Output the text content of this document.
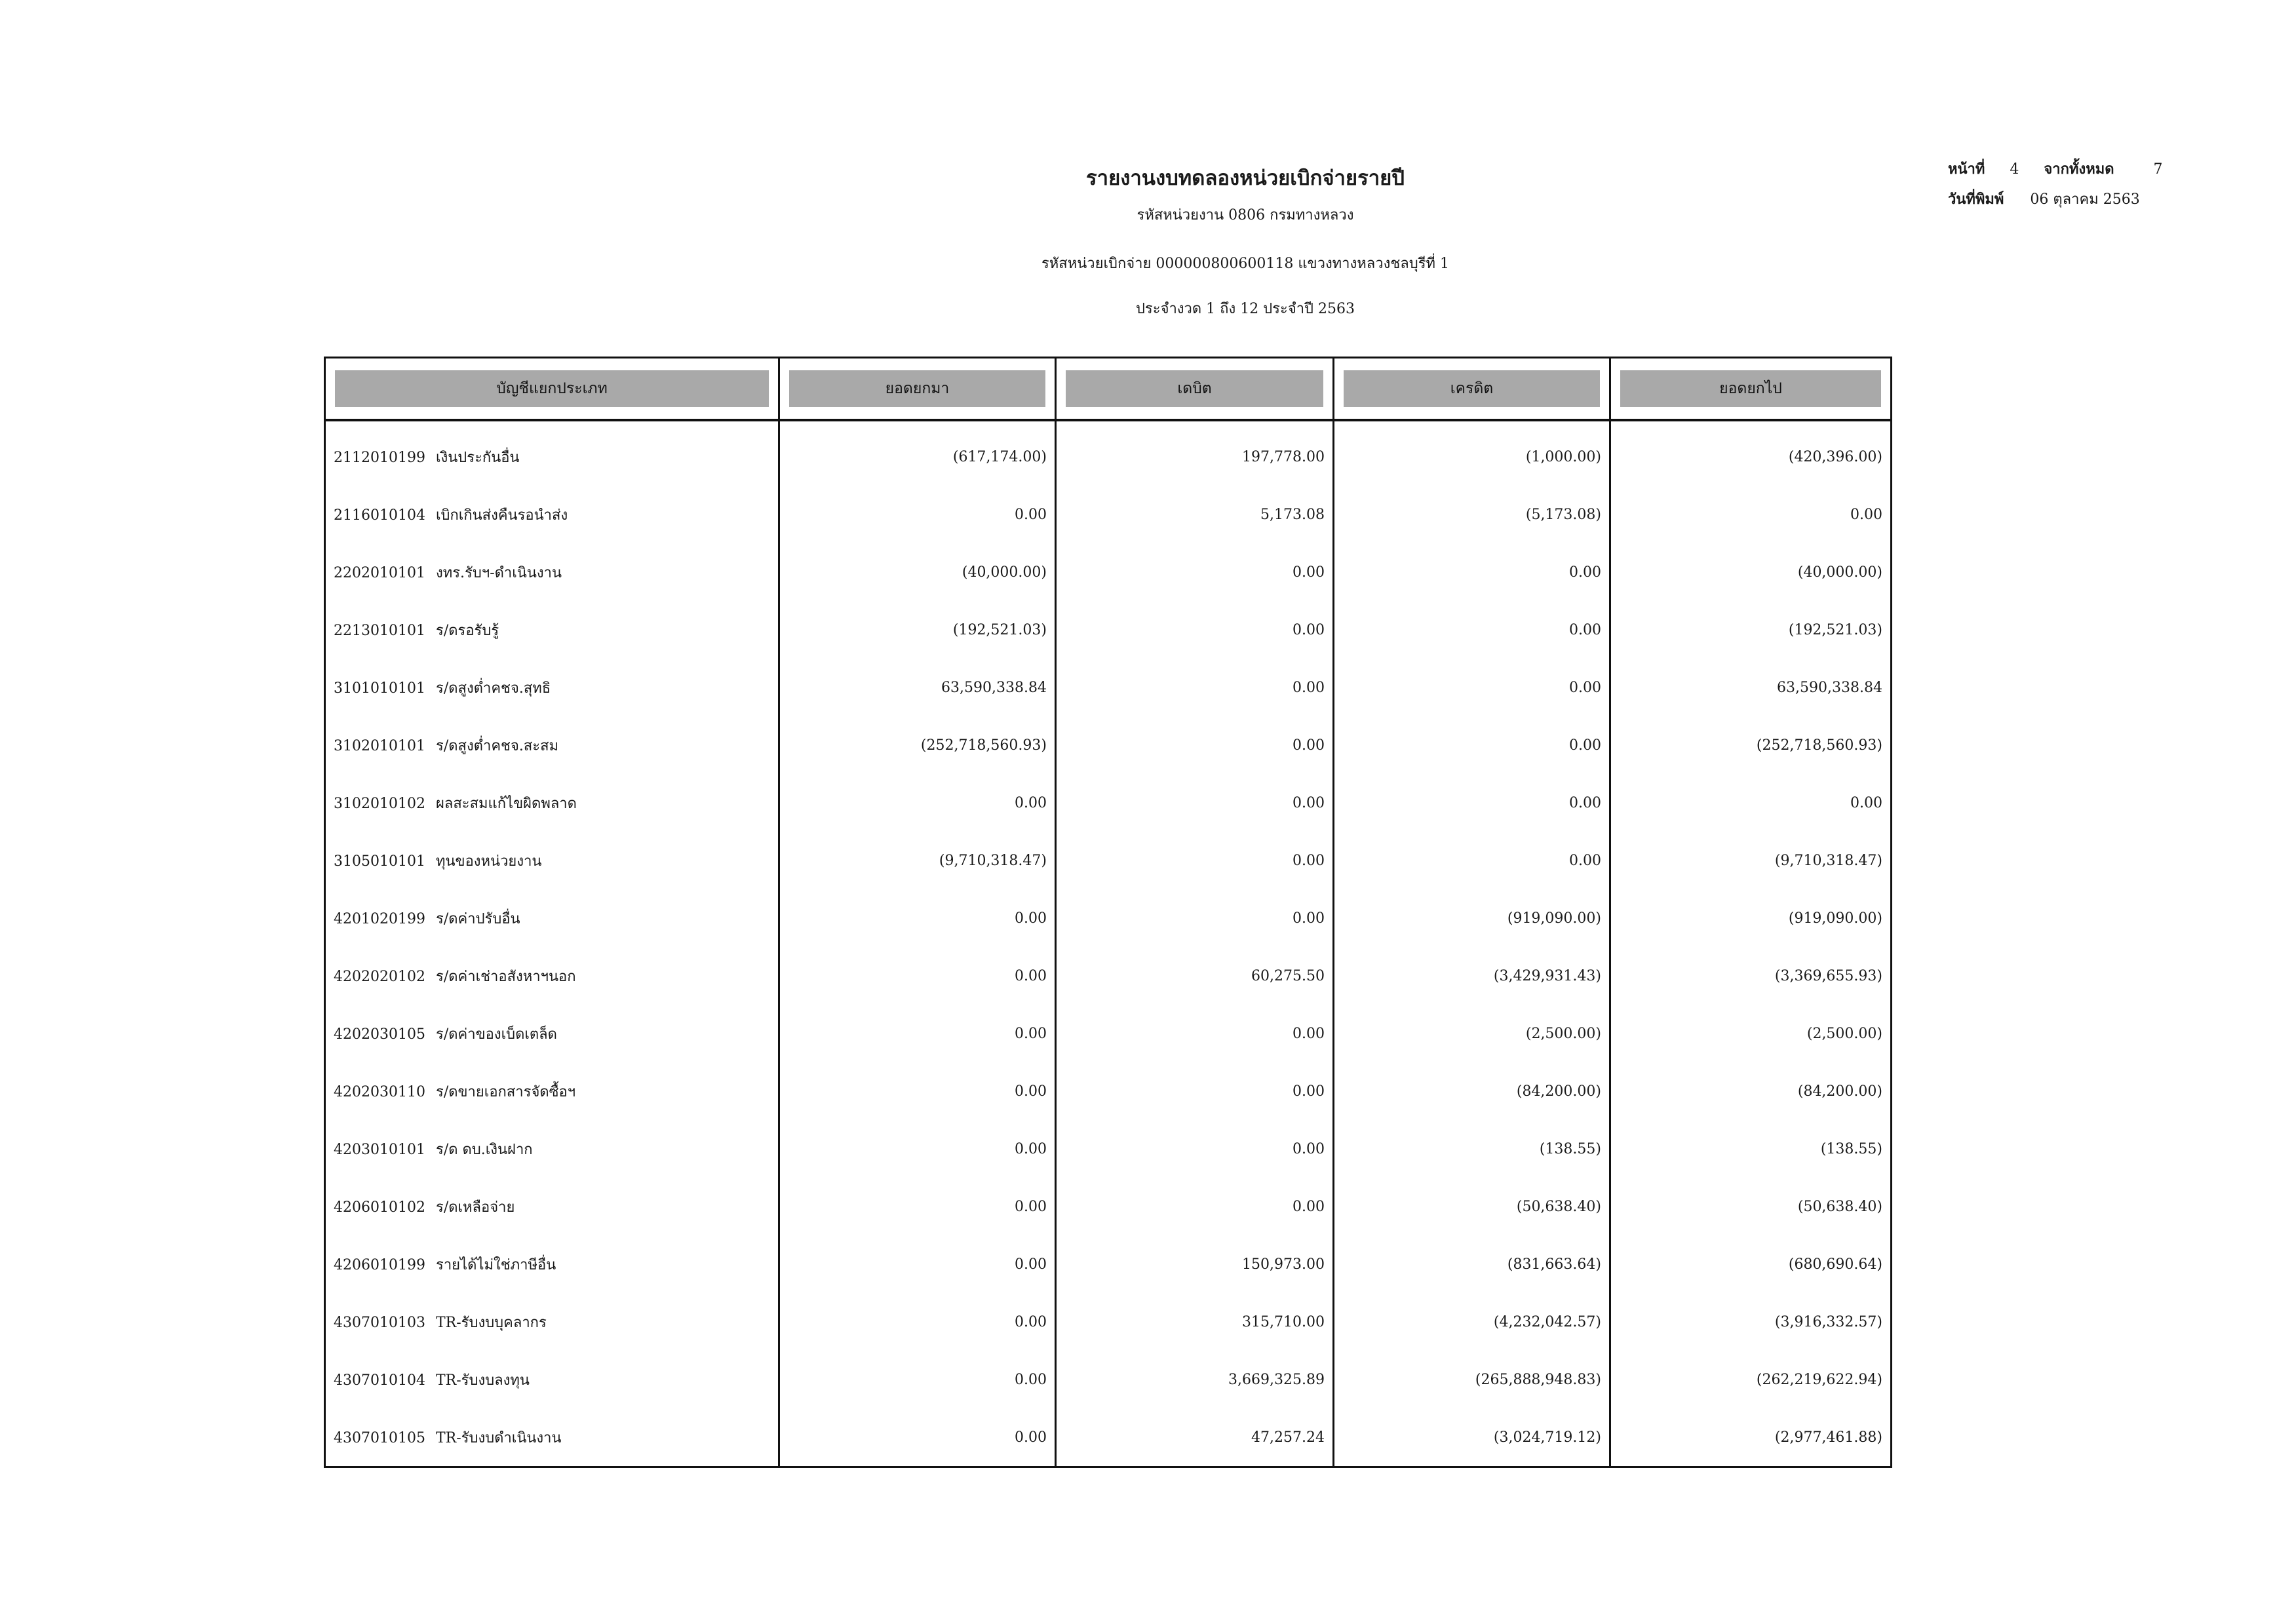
รายงานงบทดลองหน่วยเบิกจ่ายรายปี
รหัสหน่วยงาน 0806 กรมทางหลวง
รหัสหน่วยเบิกจ่าย 000000800600118 แขวงทางหลวงชลบุรีที่ 1
ประจำงวด 1 ถึง 12 ประจำปี 2563
หน้าที่ 4 จากทั้งหมด	7
วันที่พิมพ์ 06 ตุลาคม 2563
บัญชีแยกประเภท	ยอดยกมา	เดบิต	เครดิต	ยอดยกไป

2112010199 เงินประกันอื่น	(617,174.00)	197,778.00	(1,000.00)	(420,396.00)
2116010104 เบิกเกินส่งคืนรอนำส่ง	0.00	5,173.08	(5,173.08)	0.00
2202010101 งทร.รับฯ-ดำเนินงาน	(40,000.00)	0.00	0.00	(40,000.00)
2213010101 ร/ดรอรับรู้	(192,521.03)	0.00	0.00	(192,521.03)
3101010101 ร/ดสูงต่ำคชจ.สุทธิ	63,590,338.84	0.00	0.00	63,590,338.84
3102010101 ร/ดสูงต่ำคชจ.สะสม	(252,718,560.93)	0.00	0.00	(252,718,560.93)
3102010102 ผลสะสมแก้ไขผิดพลาด	0.00	0.00	0.00	0.00
3105010101 ทุนของหน่วยงาน	(9,710,318.47)	0.00	0.00	(9,710,318.47)
4201020199 ร/ดค่าปรับอื่น	0.00	0.00	(919,090.00)	(919,090.00)
4202020102 ร/ดค่าเช่าอสังหาฯนอก	0.00	60,275.50	(3,429,931.43)	(3,369,655.93)
4202030105 ร/ดค่าของเบ็ดเตล็ด	0.00	0.00	(2,500.00)	(2,500.00)
4202030110 ร/ดขายเอกสารจัดซื้อฯ	0.00	0.00	(84,200.00)	(84,200.00)
4203010101 ร/ด ดบ.เงินฝาก	0.00	0.00	(138.55)	(138.55)
4206010102 ร/ดเหลือจ่าย	0.00	0.00	(50,638.40)	(50,638.40)
4206010199 รายได้ไม่ใช่ภาษีอื่น	0.00	150,973.00	(831,663.64)	(680,690.64)
4307010103 TR-รับงบบุคลากร	0.00	315,710.00	(4,232,042.57)	(3,916,332.57)
4307010104 TR-รับงบลงทุน	0.00	3,669,325.89	(265,888,948.83)	(262,219,622.94)
4307010105 TR-รับงบดำเนินงาน	0.00	47,257.24	(3,024,719.12)	(2,977,461.88)
